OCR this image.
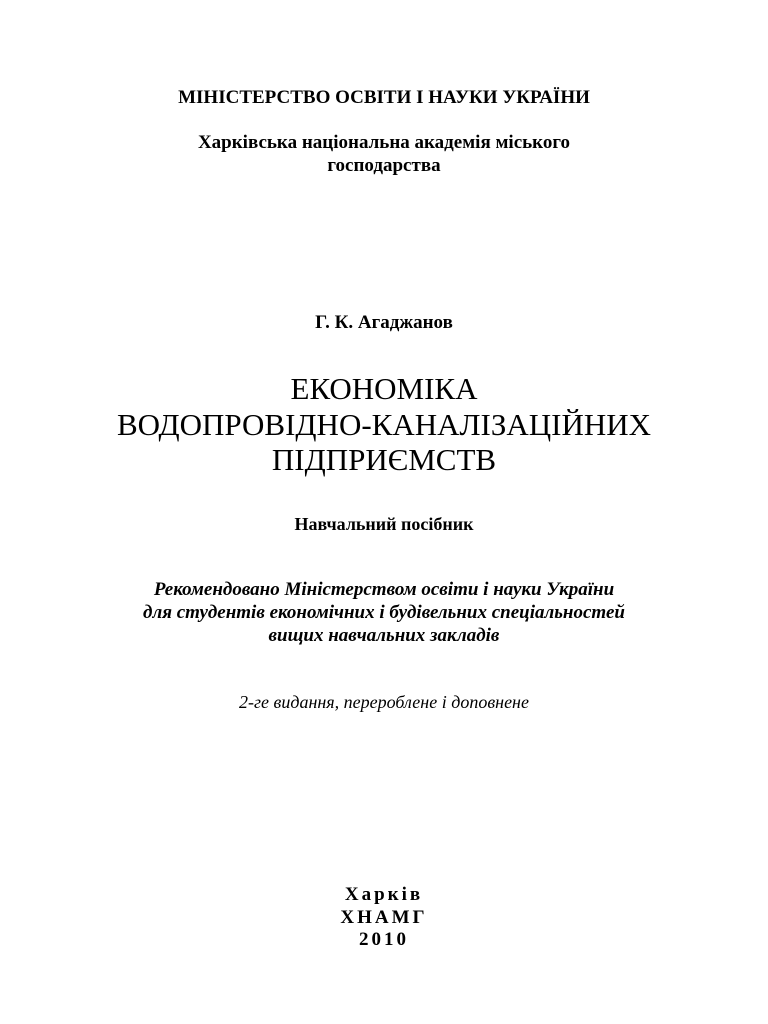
МІНІСТЕРСТВО ОСВІТИ І НАУКИ УКРАЇНИ
Харківська національна академія міського
господарства
Г. К. Агаджанов
ЕКОНОМІКА
ВОДОПРОВІДНО-КАНАЛІЗАЦІЙНИХ
ПІДПРИЄМСТВ
Навчальний посібник
Рекомендовано Міністерством освіти і науки України
для студентів економічних і будівельних спеціальностей
вищих навчальних закладів
2-ге видання, перероблене і доповнене
Харків
ХНАМГ
2010
